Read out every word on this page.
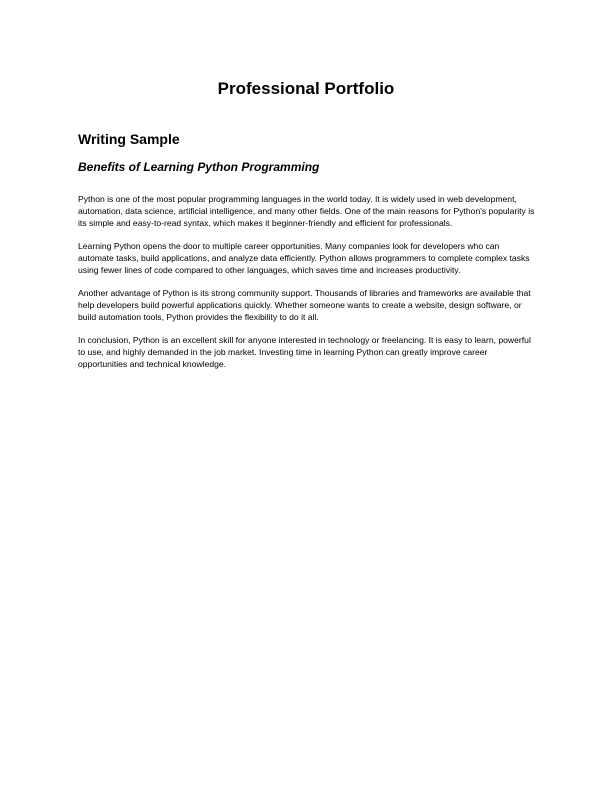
Professional Portfolio
Writing Sample
Benefits of Learning Python Programming

Python is one of the most popular programming languages in the world today. It is widely used in web development, automation, data science, artificial intelligence, and many other fields. One of the main reasons for Python's popularity is its simple and easy-to-read syntax, which makes it beginner-friendly and efficient for professionals.

Learning Python opens the door to multiple career opportunities. Many companies look for developers who can automate tasks, build applications, and analyze data efficiently. Python allows programmers to complete complex tasks using fewer lines of code compared to other languages, which saves time and increases productivity.

Another advantage of Python is its strong community support. Thousands of libraries and frameworks are available that help developers build powerful applications quickly. Whether someone wants to create a website, design software, or build automation tools, Python provides the flexibility to do it all.

In conclusion, Python is an excellent skill for anyone interested in technology or freelancing. It is easy to learn, powerful to use, and highly demanded in the job market. Investing time in learning Python can greatly improve career opportunities and technical knowledge.
